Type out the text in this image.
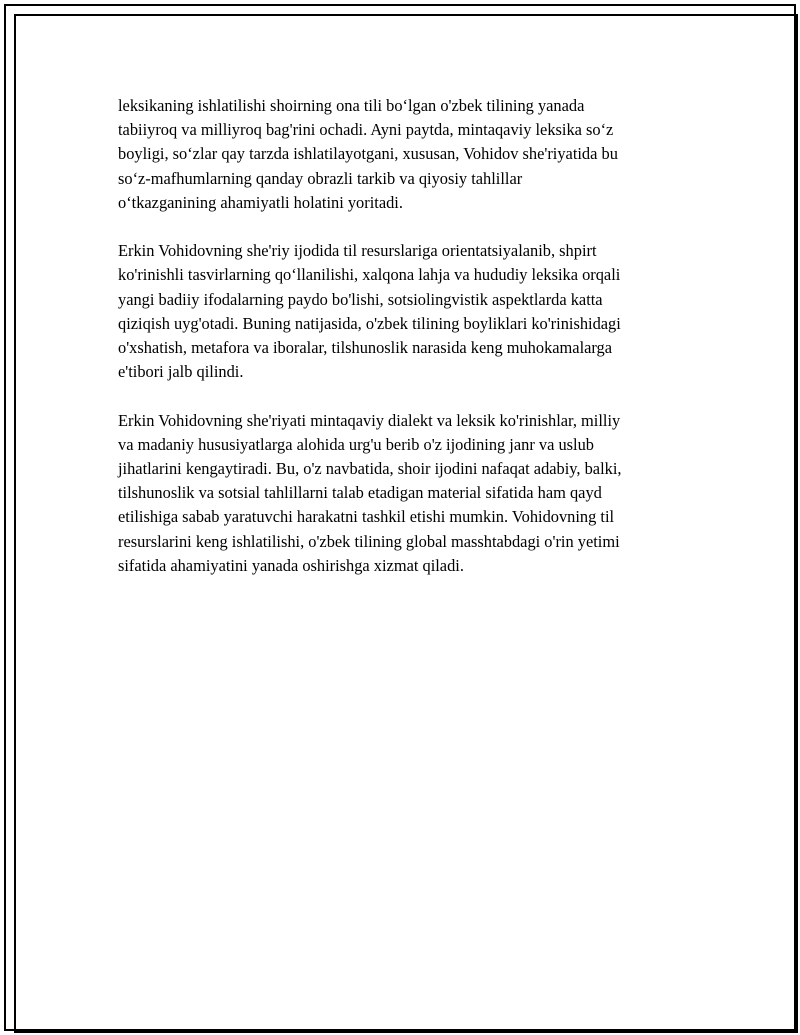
leksikaning ishlatilishi shoirning ona tili bo‘lgan o'zbek tilining yanada
tabiiyroq va milliyroq bag'rini ochadi. Ayni paytda, mintaqaviy leksika so‘z
boyligi, so‘zlar qay tarzda ishlatilayotgani, xususan, Vohidov she'riyatida bu
so‘z-mafhumlarning qanday obrazli tarkib va qiyosiy tahlillar
o‘tkazganining ahamiyatli holatini yoritadi.

Erkin Vohidovning she'riy ijodida til resurslariga orientatsiyalanib, shpirt
ko'rinishli tasvirlarning qo‘llanilishi, xalqona lahja va hududiy leksika orqali
yangi badiiy ifodalarning paydo bo'lishi, sotsiolingvistik aspektlarda katta
qiziqish uyg'otadi. Buning natijasida, o'zbek tilining boyliklari ko'rinishidagi
o'xshatish, metafora va iboralar, tilshunoslik narasida keng muhokamalarga
e'tibori jalb qilindi.

Erkin Vohidovning she'riyati mintaqaviy dialekt va leksik ko'rinishlar, milliy
va madaniy hususiyatlarga alohida urg'u berib o'z ijodining janr va uslub
jihatlarini kengaytiradi. Bu, o'z navbatida, shoir ijodini nafaqat adabiy, balki,
tilshunoslik va sotsial tahlillarni talab etadigan material sifatida ham qayd
etilishiga sabab yaratuvchi harakatni tashkil etishi mumkin. Vohidovning til
resurslarini keng ishlatilishi, o'zbek tilining global masshtabdagi o'rin yetimi
sifatida ahamiyatini yanada oshirishga xizmat qiladi.
